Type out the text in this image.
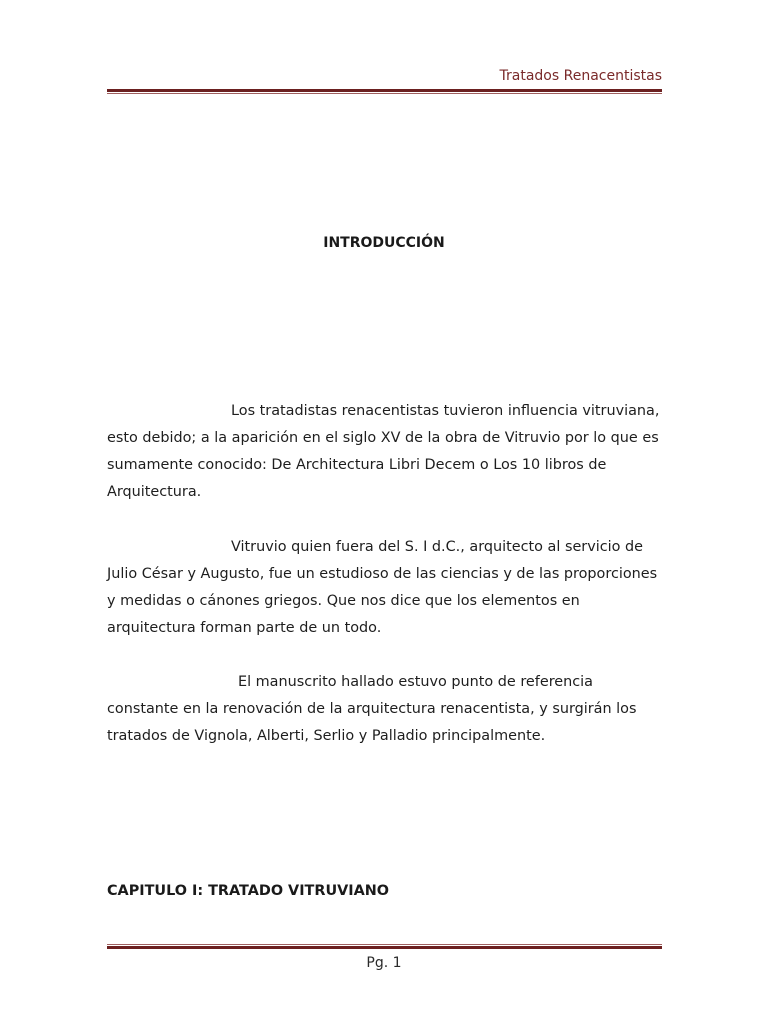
Tratados Renacentistas
INTRODUCCIÓN

Los tratadistas renacentistas tuvieron influencia vitruviana, esto debido; a la aparición en el siglo XV de la obra de Vitruvio por lo que es sumamente conocido: De Architectura Libri Decem o Los 10 libros de Arquitectura.

Vitruvio quien fuera del S. I d.C., arquitecto al servicio de Julio César y Augusto, fue un estudioso de las ciencias y de las proporciones y medidas o cánones griegos. Que nos dice que los elementos en arquitectura forman parte de un todo.

El manuscrito hallado estuvo punto de referencia constante en la renovación de la arquitectura renacentista, y surgirán los tratados de Vignola, Alberti, Serlio y Palladio principalmente.

CAPITULO I: TRATADO VITRUVIANO
Pg. 1
